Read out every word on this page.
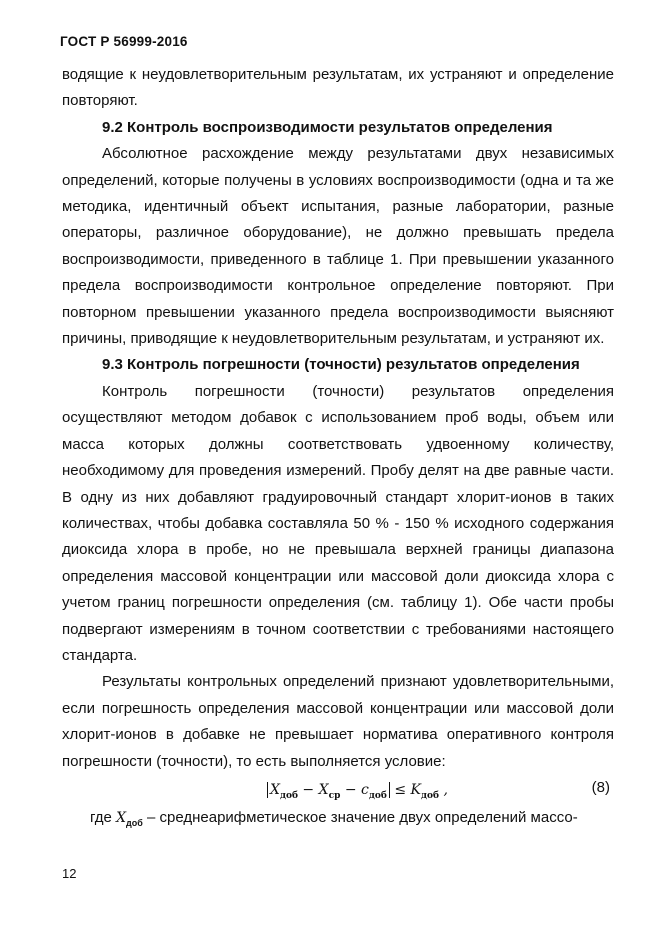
ГОСТ Р 56999-2016

водящие к неудовлетворительным результатам, их устраняют и определение повторяют.

9.2 Контроль воспроизводимости результатов определения

Абсолютное расхождение между результатами двух независимых определений, которые получены в условиях воспроизводимости (одна и та же методика, идентичный объект испытания, разные лаборатории, разные операторы, различное оборудование), не должно превышать предела воспроизводимости, приведенного в таблице 1. При превышении указанного предела воспроизводимости контрольное определение повторяют. При повторном превышении указанного предела воспроизводимости выясняют причины, приводящие к неудовлетворительным результатам, и устраняют их.

9.3 Контроль погрешности (точности) результатов определения

Контроль погрешности (точности) результатов определения осуществляют методом добавок с использованием проб воды, объем или масса которых должны соответствовать удвоенному количеству, необходимому для проведения измерений. Пробу делят на две равные части. В одну из них добавляют градуировочный стандарт хлорит-ионов в таких количествах, чтобы добавка составляла 50 % - 150 % исходного содержания диоксида хлора в пробе, но не превышала верхней границы диапазона определения массовой концентрации или массовой доли диоксида хлора с учетом границ погрешности определения (см. таблицу 1). Обе части пробы подвергают измерениям в точном соответствии с требованиями настоящего стандарта.

Результаты контрольных определений признают удовлетворительными, если погрешность определения массовой концентрации или массовой доли хлорит-ионов в добавке не превышает норматива оперативного контроля погрешности (точности), то есть выполняется условие:

$X_{доб} - X_{ср} - c_{доб} \le K_{доб}$ ,	(8)

где $X_{доб}$ – среднеарифметическое значение двух определений массо-

12
